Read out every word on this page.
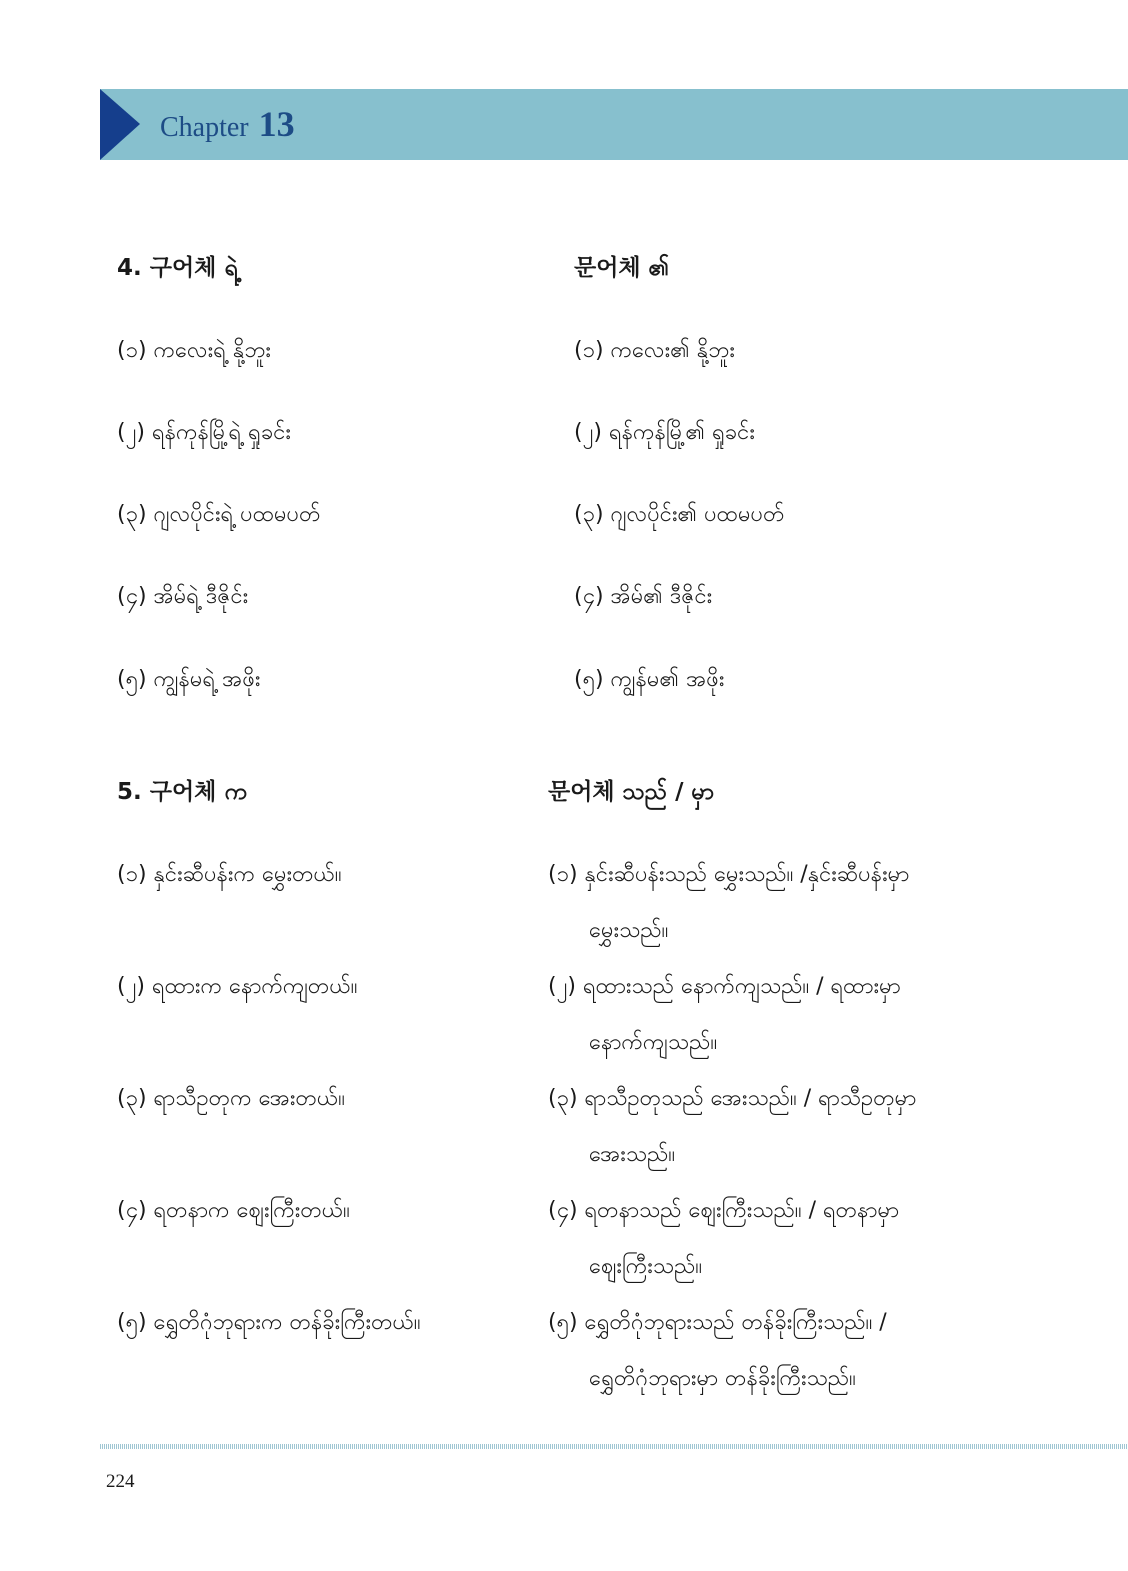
Chapter 13
4. 구어체 ရဲ့	문어체 ၏
(၁) ကလေးရဲ့ နို့ဘူး
(၂) ရန်ကုန်မြို့ရဲ့ ရှုခင်း
(၃) ဂျလပိုင်းရဲ့ ပထမပတ်
(၄) အိမ်ရဲ့ ဒီဇိုင်း
(၅) ကျွန်မရဲ့ အဖိုး
(၁) ကလေး၏ နို့ဘူး
(၂) ရန်ကုန်မြို့၏ ရှုခင်း
(၃) ဂျလပိုင်း၏ ပထမပတ်
(၄) အိမ်၏ ဒီဇိုင်း
(၅) ကျွန်မ၏ အဖိုး
5. 구어체 က	문어체 သည် / မှာ
(၁) နှင်းဆီပန်းက မွှေးတယ်။
(၂) ရထားက နောက်ကျတယ်။
(၃) ရာသီဥတုက အေးတယ်။
(၄) ရတနာက ဈေးကြီးတယ်။
(၅) ရွှေတိဂုံဘုရားက တန်ခိုးကြီးတယ်။
(၁) နှင်းဆီပန်းသည် မွှေးသည်။ /နှင်းဆီပန်းမှာ
မွှေးသည်။
(၂) ရထားသည် နောက်ကျသည်။ / ရထားမှာ
နောက်ကျသည်။
(၃) ရာသီဥတုသည် အေးသည်။ / ရာသီဥတုမှာ
အေးသည်။
(၄) ရတနာသည် ဈေးကြီးသည်။ / ရတနာမှာ
ဈေးကြီးသည်။
(၅) ရွှေတိဂုံဘုရားသည် တန်ခိုးကြီးသည်။ /
ရွှေတိဂုံဘုရားမှာ တန်ခိုးကြီးသည်။
224
